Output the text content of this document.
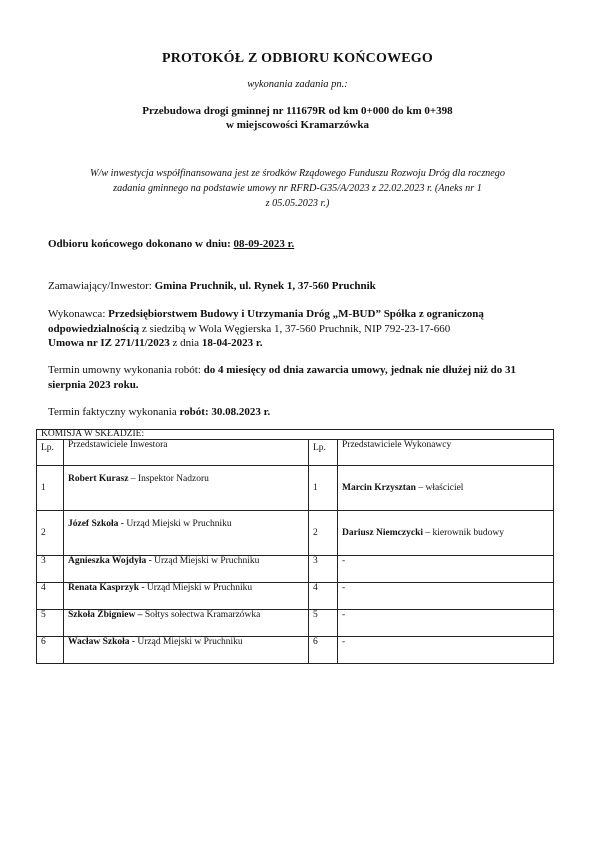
PROTOKÓŁ Z ODBIORU KOŃCOWEGO
wykonania zadania pn.:
Przebudowa drogi gminnej nr 111679R od km 0+000 do km 0+398
w miejscowości Kramarzówka
W/w inwestycja współfinansowana jest ze środków Rządowego Funduszu Rozwoju Dróg dla rocznego
zadania gminnego na podstawie umowy nr RFRD-G35/A/2023 z 22.02.2023 r. (Aneks nr 1
z 05.05.2023 r.)
Odbioru końcowego dokonano w dniu: 08-09-2023 r.
Zamawiający/Inwestor: Gmina Pruchnik, ul. Rynek 1, 37-560 Pruchnik
Wykonawca: Przedsiębiorstwem Budowy i Utrzymania Dróg „M-BUD” Spółka z ograniczoną odpowiedzialnością z siedzibą w Wola Węgierska 1, 37-560 Pruchnik, NIP 792-23-17-660
Umowa nr IZ 271/11/2023 z dnia 18-04-2023 r.
Termin umowny wykonania robót: do 4 miesięcy od dnia zawarcia umowy, jednak nie dłużej niż do 31 sierpnia 2023 roku.
Termin faktyczny wykonania robót: 30.08.2023 r.
KOMISJA W SKŁADZIE:			
Lp.	Przedstawiciele Inwestora	Lp.	Przedstawiciele Wykonawcy
1	Robert Kurasz – Inspektor Nadzoru	1	Marcin Krzysztan – właściciel
2	Józef Szkoła - Urząd Miejski w Pruchniku	2	Dariusz Niemczycki – kierownik budowy
3	Agnieszka Wojdyła - Urząd Miejski w Pruchniku	3	-
4	Renata Kasprzyk - Urząd Miejski w Pruchniku	4	-
5	Szkoła Zbigniew – Sołtys sołectwa Kramarzówka	5	-
6	Wacław Szkoła - Urząd Miejski w Pruchniku	6	-
